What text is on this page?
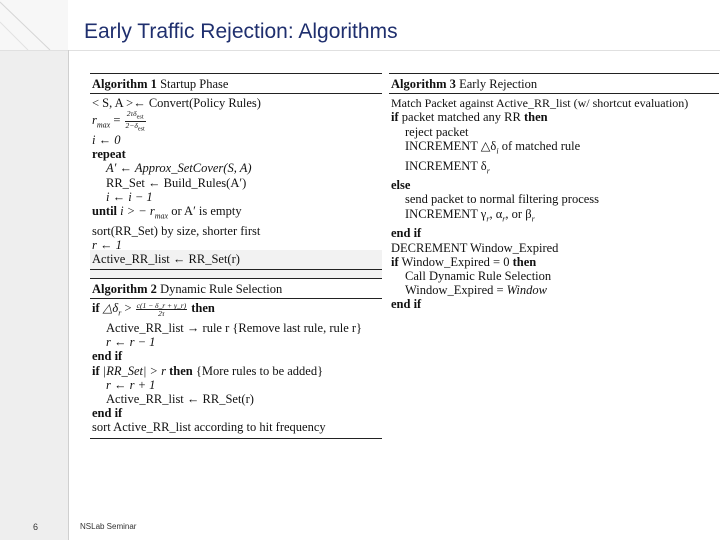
Early Traffic Rejection: Algorithms
Algorithm 1 Startup Phase
< S, A >← Convert(Policy Rules)
$r_{max} = \frac{2\tau\delta_{est}}{2-\delta_{est}}$
i ← 0
repeat
A′ ← Approx_SetCover(S, A)
RR_Set ← Build_Rules(A′)
i ← i − 1
until i > − $r_{max}$ or A′ is empty
sort(RR_Set) by size, shorter first
r ← 1
Active_RR_list ← RR_Set(r)
Algorithm 2 Dynamic Rule Selection
if $\triangle\delta_r > \frac{c(1 - \delta\_r + \gamma\_r)}{2\tau}$ then
Active_RR_list → rule r {Remove last rule, rule r}
r ← r − 1
end if
if |RR_Set| > r then {More rules to be added}
r ← r + 1
Active_RR_list ← RR_Set(r)
end if
sort Active_RR_list according to hit frequency
Algorithm 3 Early Rejection
Match Packet against Active_RR_list (w/ shortcut evaluation)
if packet matched any RR then
reject packet
INCREMENT $\triangle\delta_i$ of matched rule
INCREMENT $\delta_r$
else
send packet to normal filtering process
INCREMENT $\gamma_r$, $\alpha_r$, or $\beta_r$
end if
DECREMENT Window_Expired
if Window_Expired = 0 then
Call Dynamic Rule Selection
Window_Expired = Window
end if
6	NSLab Seminar
